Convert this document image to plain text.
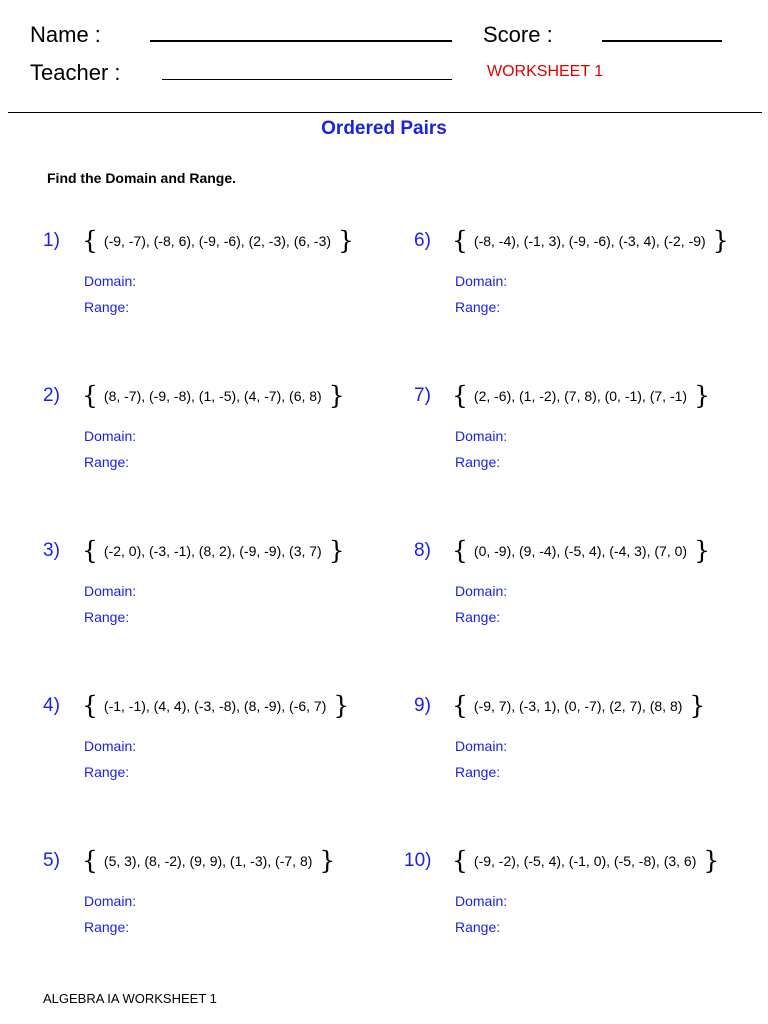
Name :	Score :
Teacher :	WORKSHEET 1
Ordered Pairs
Find the Domain and Range.
1) { (-9, -7), (-8, 6), (-9, -6), (2, -3), (6, -3) }
Domain:
Range:
2) { (8, -7), (-9, -8), (1, -5), (4, -7), (6, 8) }
Domain:
Range:
3) { (-2, 0), (-3, -1), (8, 2), (-9, -9), (3, 7) }
Domain:
Range:
4) { (-1, -1), (4, 4), (-3, -8), (8, -9), (-6, 7) }
Domain:
Range:
5) { (5, 3), (8, -2), (9, 9), (1, -3), (-7, 8) }
Domain:
Range:
6) { (-8, -4), (-1, 3), (-9, -6), (-3, 4), (-2, -9) }
Domain:
Range:
7) { (2, -6), (1, -2), (7, 8), (0, -1), (7, -1) }
Domain:
Range:
8) { (0, -9), (9, -4), (-5, 4), (-4, 3), (7, 0) }
Domain:
Range:
9) { (-9, 7), (-3, 1), (0, -7), (2, 7), (8, 8) }
Domain:
Range:
10) { (-9, -2), (-5, 4), (-1, 0), (-5, -8), (3, 6) }
Domain:
Range:
ALGEBRA IA WORKSHEET 1
